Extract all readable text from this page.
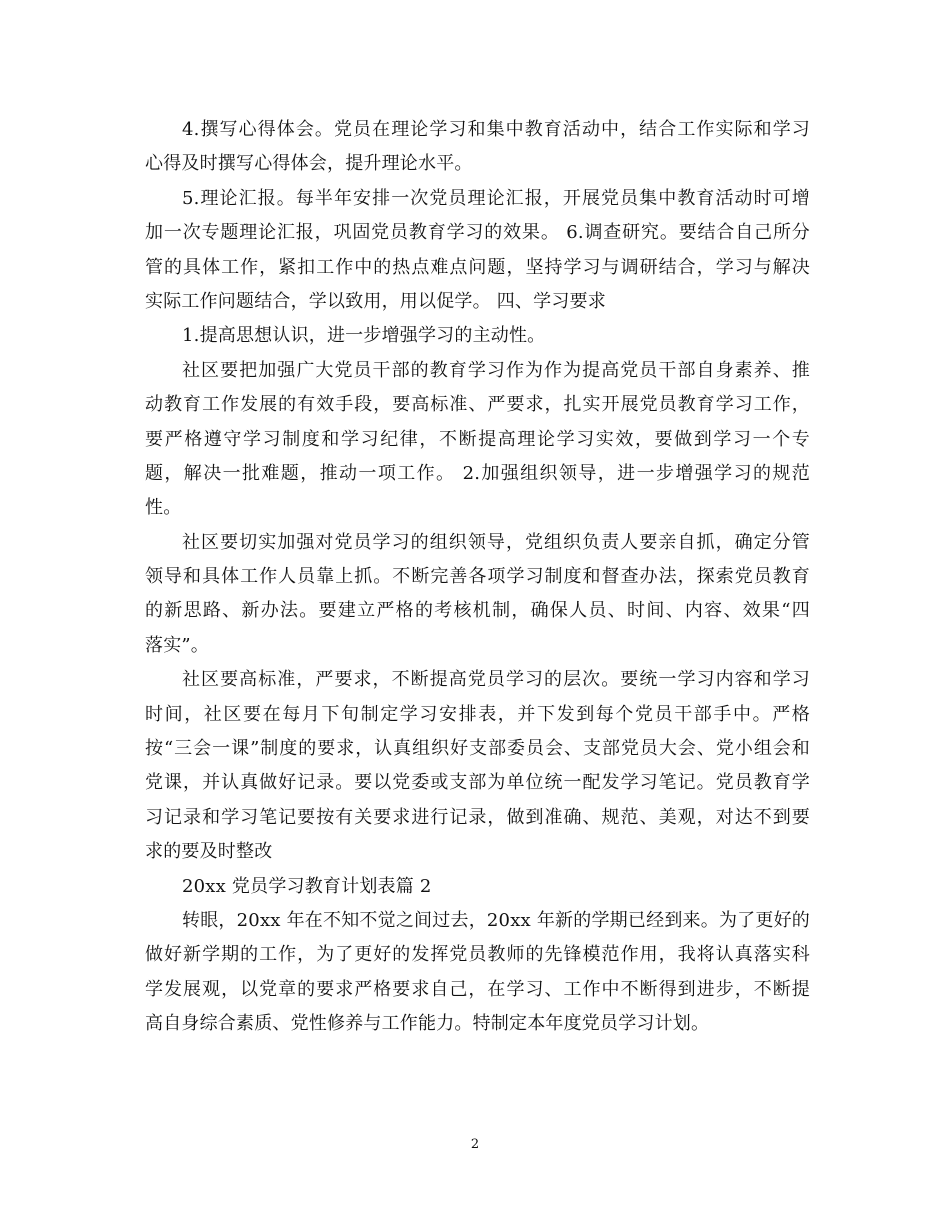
4.撰写心得体会。党员在理论学习和集中教育活动中，结合工作实际和学习
心得及时撰写心得体会，提升理论水平。
5.理论汇报。每半年安排一次党员理论汇报，开展党员集中教育活动时可增
加一次专题理论汇报，巩固党员教育学习的效果。 6.调查研究。要结合自己所分
管的具体工作，紧扣工作中的热点难点问题，坚持学习与调研结合，学习与解决
实际工作问题结合，学以致用，用以促学。 四、学习要求
1.提高思想认识，进一步增强学习的主动性。
社区要把加强广大党员干部的教育学习作为作为提高党员干部自身素养、推
动教育工作发展的有效手段，要高标准、严要求，扎实开展党员教育学习工作，
要严格遵守学习制度和学习纪律，不断提高理论学习实效，要做到学习一个专
题，解决一批难题，推动一项工作。 2.加强组织领导，进一步增强学习的规范
性。
社区要切实加强对党员学习的组织领导，党组织负责人要亲自抓，确定分管
领导和具体工作人员靠上抓。不断完善各项学习制度和督查办法，探索党员教育
的新思路、新办法。要建立严格的考核机制，确保人员、时间、内容、效果“四
落实”。
社区要高标准，严要求，不断提高党员学习的层次。要统一学习内容和学习
时间，社区要在每月下旬制定学习安排表，并下发到每个党员干部手中。严格
按“三会一课”制度的要求，认真组织好支部委员会、支部党员大会、党小组会和
党课，并认真做好记录。要以党委或支部为单位统一配发学习笔记。党员教育学
习记录和学习笔记要按有关要求进行记录，做到准确、规范、美观，对达不到要
求的要及时整改
20xx 党员学习教育计划表篇 2
转眼，20xx 年在不知不觉之间过去，20xx 年新的学期已经到来。为了更好的
做好新学期的工作，为了更好的发挥党员教师的先锋模范作用，我将认真落实科
学发展观，以党章的要求严格要求自己，在学习、工作中不断得到进步，不断提
高自身综合素质、党性修养与工作能力。特制定本年度党员学习计划。
2
